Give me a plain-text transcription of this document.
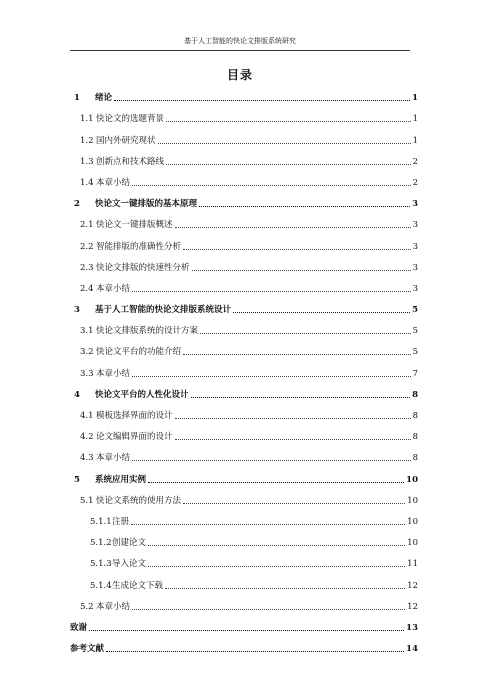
基于人工智能的快论文排版系统研究
目录
1 绪论	1
1.1 快论文的选题背景	1
1.2 国内外研究现状	1
1.3 创新点和技术路线	2
1.4 本章小结	2
2 快论文一键排版的基本原理	3
2.1 快论文一键排版概述	3
2.2 智能排版的准确性分析	3
2.3 快论文排版的快速性分析	3
2.4 本章小结	3
3 基于人工智能的快论文排版系统设计	5
3.1 快论文排版系统的设计方案	5
3.2 快论文平台的功能介绍	5
3.3 本章小结	7
4 快论文平台的人性化设计	8
4.1 模板选择界面的设计	8
4.2 论文编辑界面的设计	8
4.3 本章小结	8
5 系统应用实例	10
5.1 快论文系统的使用方法	10
5.1.1注册	10
5.1.2创建论文	10
5.1.3导入论文	11
5.1.4生成论文下载	12
5.2 本章小结	12
致谢	13
参考文献	14
